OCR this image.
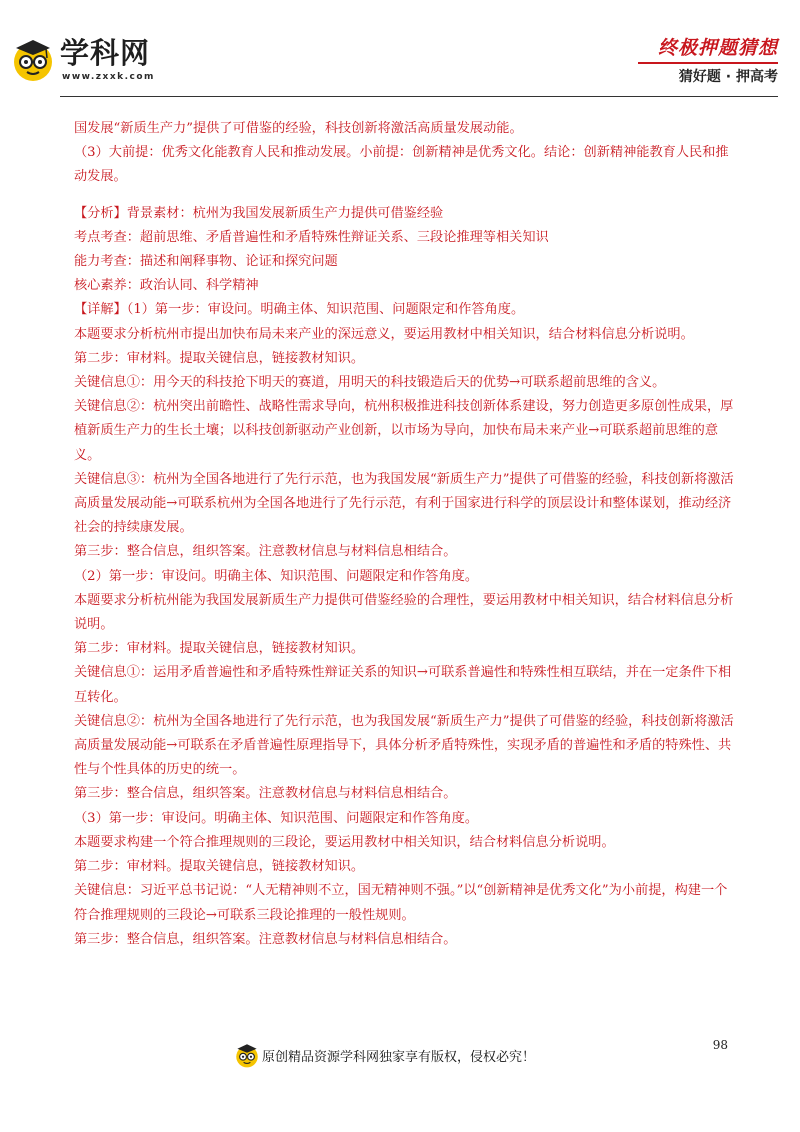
学科网
www.zxxk.com
终极押题猜想
猜好题 · 押高考

国发展“新质生产力”提供了可借鉴的经验，科技创新将激活高质量发展动能。

（3）大前提：优秀文化能教育人民和推动发展。小前提：创新精神是优秀文化。结论：创新精神能教育人民和推动发展。

【分析】背景素材：杭州为我国发展新质生产力提供可借鉴经验

考点考查：超前思维、矛盾普遍性和矛盾特殊性辩证关系、三段论推理等相关知识

能力考查：描述和阐释事物、论证和探究问题

核心素养：政治认同、科学精神

【详解】（1）第一步：审设问。明确主体、知识范围、问题限定和作答角度。

本题要求分析杭州市提出加快布局未来产业的深远意义，要运用教材中相关知识，结合材料信息分析说明。

第二步：审材料。提取关键信息，链接教材知识。

关键信息①：用今天的科技抢下明天的赛道，用明天的科技锻造后天的优势→可联系超前思维的含义。

关键信息②：杭州突出前瞻性、战略性需求导向，杭州积极推进科技创新体系建设，努力创造更多原创性成果，厚植新质生产力的生长土壤；以科技创新驱动产业创新，以市场为导向，加快布局未来产业→可联系超前思维的意义。

关键信息③：杭州为全国各地进行了先行示范，也为我国发展“新质生产力”提供了可借鉴的经验，科技创新将激活高质量发展动能→可联系杭州为全国各地进行了先行示范，有利于国家进行科学的顶层设计和整体谋划，推动经济社会的持续康发展。

第三步：整合信息，组织答案。注意教材信息与材料信息相结合。

（2）第一步：审设问。明确主体、知识范围、问题限定和作答角度。

本题要求分析杭州能为我国发展新质生产力提供可借鉴经验的合理性，要运用教材中相关知识，结合材料信息分析说明。

第二步：审材料。提取关键信息，链接教材知识。

关键信息①：运用矛盾普遍性和矛盾特殊性辩证关系的知识→可联系普遍性和特殊性相互联结，并在一定条件下相互转化。

关键信息②：杭州为全国各地进行了先行示范，也为我国发展“新质生产力”提供了可借鉴的经验，科技创新将激活高质量发展动能→可联系在矛盾普遍性原理指导下，具体分析矛盾特殊性，实现矛盾的普遍性和矛盾的特殊性、共性与个性具体的历史的统一。

第三步：整合信息，组织答案。注意教材信息与材料信息相结合。

（3）第一步：审设问。明确主体、知识范围、问题限定和作答角度。

本题要求构建一个符合推理规则的三段论，要运用教材中相关知识，结合材料信息分析说明。

第二步：审材料。提取关键信息，链接教材知识。

关键信息：习近平总书记说：“人无精神则不立，国无精神则不强。”以“创新精神是优秀文化”为小前提，构建一个符合推理规则的三段论→可联系三段论推理的一般性规则。

第三步：整合信息，组织答案。注意教材信息与材料信息相结合。

原创精品资源学科网独家享有版权，侵权必究！
98
